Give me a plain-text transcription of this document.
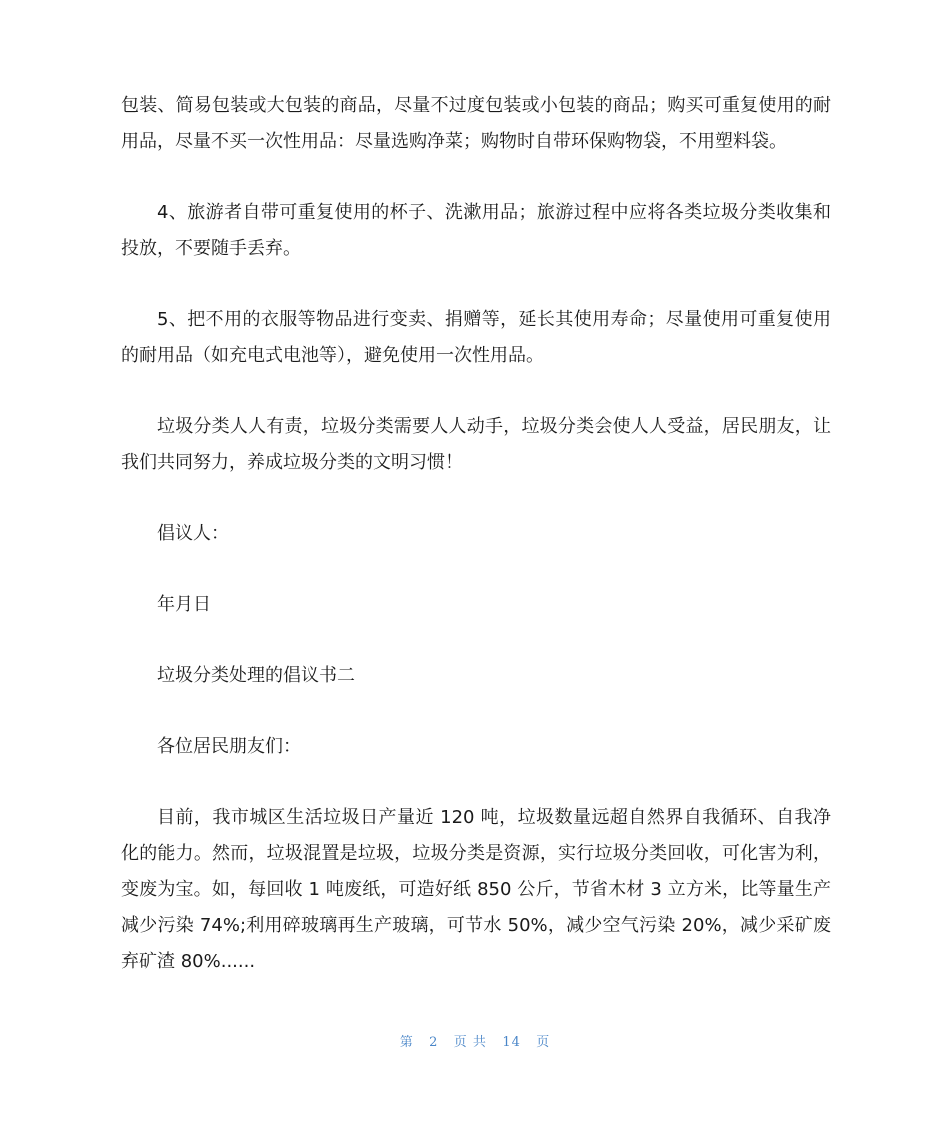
包装、简易包装或大包装的商品，尽量不过度包装或小包装的商品；购买可重复使用的耐用品，尽量不买一次性用品：尽量选购净菜；购物时自带环保购物袋，不用塑料袋。

4、旅游者自带可重复使用的杯子、洗漱用品；旅游过程中应将各类垃圾分类收集和投放，不要随手丢弃。

5、把不用的衣服等物品进行变卖、捐赠等，延长其使用寿命；尽量使用可重复使用的耐用品（如充电式电池等），避免使用一次性用品。

垃圾分类人人有责，垃圾分类需要人人动手，垃圾分类会使人人受益，居民朋友，让我们共同努力，养成垃圾分类的文明习惯！

倡议人：

年月日

垃圾分类处理的倡议书二

各位居民朋友们：

目前，我市城区生活垃圾日产量近 120 吨，垃圾数量远超自然界自我循环、自我净化的能力。然而，垃圾混置是垃圾，垃圾分类是资源，实行垃圾分类回收，可化害为利，变废为宝。如，每回收 1 吨废纸，可造好纸 850 公斤，节省木材 3 立方米，比等量生产减少污染 74%;利用碎玻璃再生产玻璃，可节水 50%，减少空气污染 20%，减少采矿废弃矿渣 80%......

第 2 页 共 14 页
